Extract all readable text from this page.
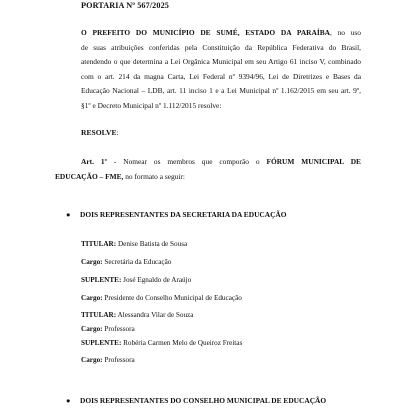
PORTARIA Nº 567/2025
O PREFEITO DO MUNICÍPIO DE SUMÉ, ESTADO DA PARAÍBA, no uso
de suas atribuições conferidas pela Constituição da República Federativa do Brasil,
atendendo o que determina a Lei Orgânica Municipal em seu Artigo 61 inciso V, combinado
com o art. 214 da magna Carta, Lei Federal nº 9394/96, Lei de Diretrizes e Bases da
Educação Nacional – LDB, art. 11 inciso 1 e a Lei Municipal nº 1.162/2015 em seu art. 9º,
§1º e Decreto Municipal nº 1.112/2015 resolve:
RESOLVE:
Art. 1º - Nomear os membros que comporão o FÓRUM MUNICIPAL DE
EDUCAÇÃO – FME, no formato a seguir:
● DOIS REPRESENTANTES DA SECRETARIA DA EDUCAÇÃO
TITULAR: Denise Batista de Sousa
Cargo: Secretária da Educação
SUPLENTE: José Egnaldo de Araújo
Cargo: Presidente do Conselho Municipal de Educação
TITULAR: Alessandra Vilar de Souza
Cargo: Professora
SUPLENTE: Robéria Carmen Melo de Queiroz Freitas
Cargo: Professora
● DOIS REPRESENTANTES DO CONSELHO MUNICIPAL DE EDUCAÇÃO
